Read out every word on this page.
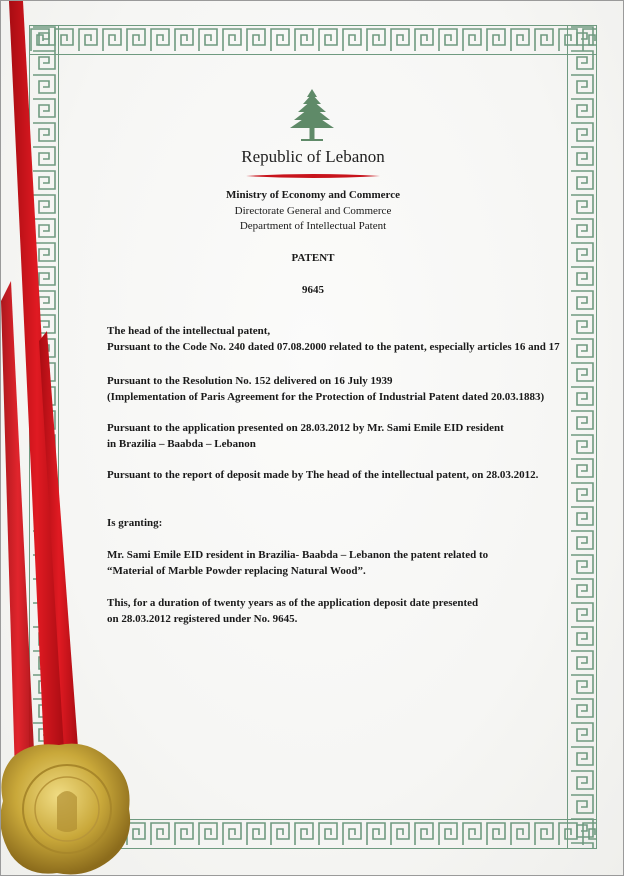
Republic of Lebanon
Ministry of Economy and Commerce
Directorate General and Commerce
Department of Intellectual Patent
PATENT
9645
The head of the intellectual patent,
Pursuant to the Code No. 240 dated 07.08.2000 related to the patent, especially articles 16 and 17
Pursuant to the Resolution No. 152 delivered on 16 July 1939
(Implementation of Paris Agreement for the Protection of Industrial Patent dated 20.03.1883)
Pursuant to the application presented on 28.03.2012 by Mr. Sami Emile EID resident
in Brazilia – Baabda – Lebanon
Pursuant to the report of deposit made by The head of the intellectual patent, on 28.03.2012.
Is granting:
Mr. Sami Emile EID resident in Brazilia- Baabda – Lebanon the patent related to
“Material of Marble Powder replacing Natural Wood”.
This, for a duration of twenty years as of the application deposit date presented
on 28.03.2012 registered under No. 9645.
